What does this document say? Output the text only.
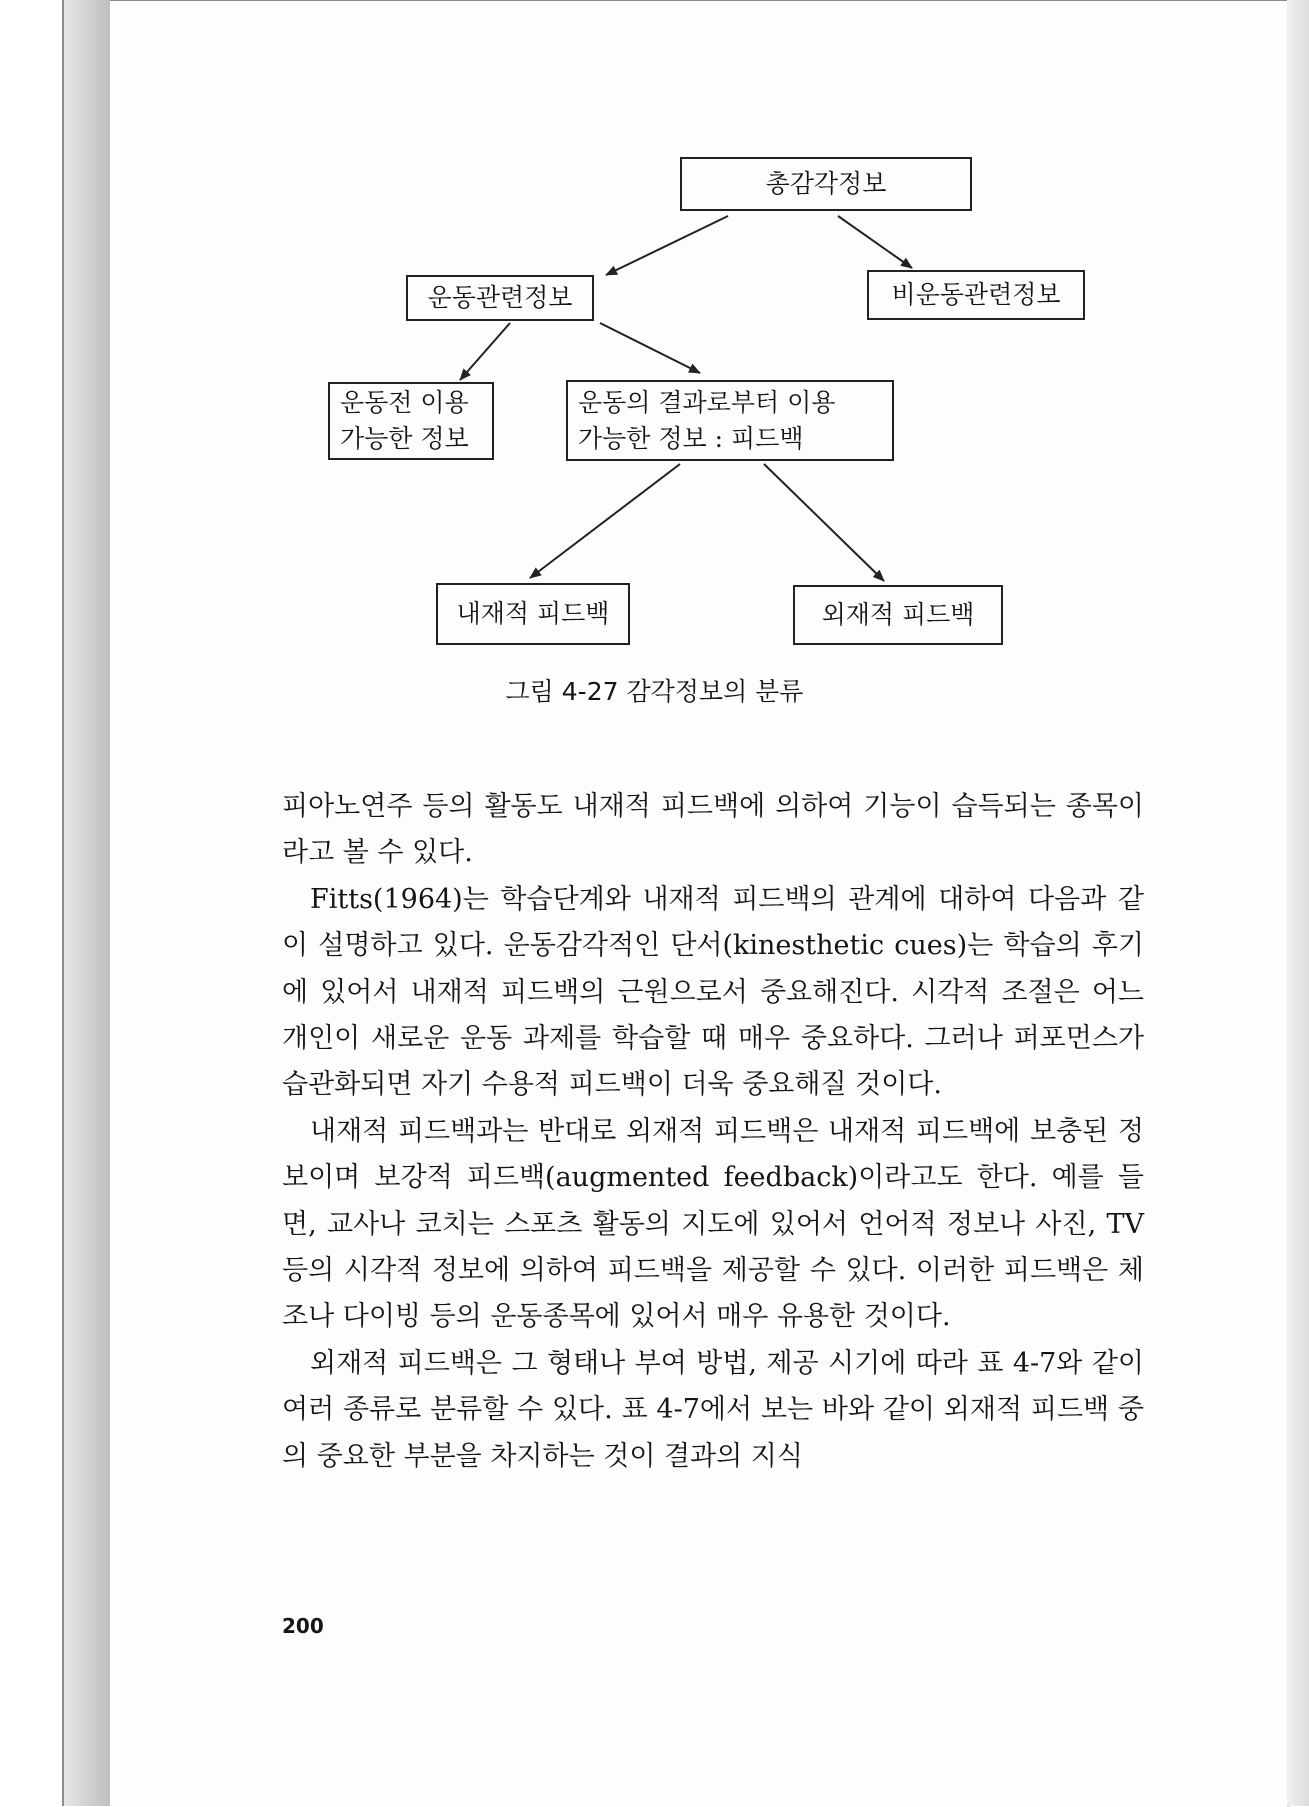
총감각정보
운동관련정보	비운동관련정보
운동전 이용
가능한 정보
운동의 결과로부터 이용
가능한 정보 : 피드백
내재적 피드백	외재적 피드백
그림 4-27 감각정보의 분류

피아노연주 등의 활동도 내재적 피드백에 의하여 기능이 습득되는 종목이라고 볼 수 있다.

Fitts(1964)는 학습단계와 내재적 피드백의 관계에 대하여 다음과 같이 설명하고 있다. 운동감각적인 단서(kinesthetic cues)는 학습의 후기에 있어서 내재적 피드백의 근원으로서 중요해진다. 시각적 조절은 어느 개인이 새로운 운동 과제를 학습할 때 매우 중요하다. 그러나 퍼포먼스가 습관화되면 자기 수용적 피드백이 더욱 중요해질 것이다.

내재적 피드백과는 반대로 외재적 피드백은 내재적 피드백에 보충된 정보이며 보강적 피드백(augmented feedback)이라고도 한다. 예를 들면, 교사나 코치는 스포츠 활동의 지도에 있어서 언어적 정보나 사진, TV 등의 시각적 정보에 의하여 피드백을 제공할 수 있다. 이러한 피드백은 체조나 다이빙 등의 운동종목에 있어서 매우 유용한 것이다.

외재적 피드백은 그 형태나 부여 방법, 제공 시기에 따라 표 4-7와 같이 여러 종류로 분류할 수 있다. 표 4-7에서 보는 바와 같이 외재적 피드백 중의 중요한 부분을 차지하는 것이 결과의 지식

200
